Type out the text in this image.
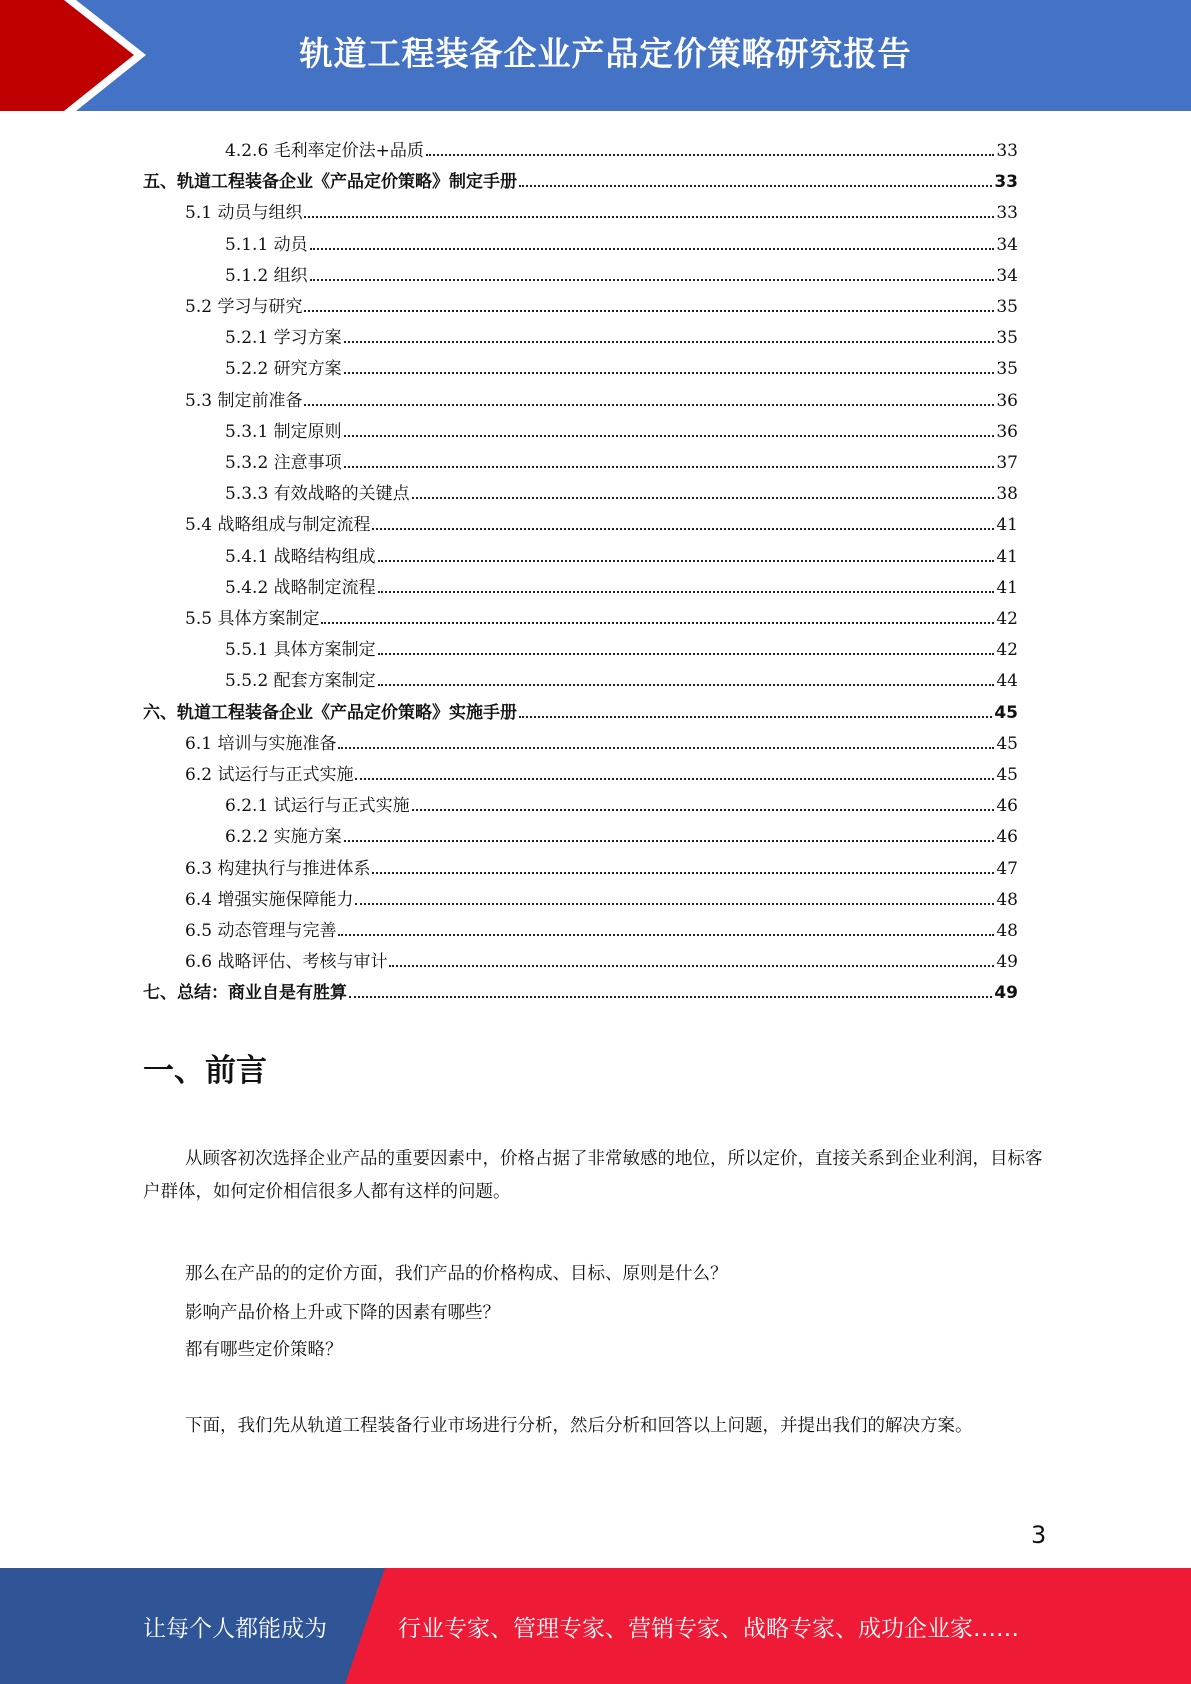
轨道工程装备企业产品定价策略研究报告
4.2.6 毛利率定价法+品质	33
五、轨道工程装备企业《产品定价策略》制定手册	33
5.1 动员与组织	33
5.1.1 动员	34
5.1.2 组织	34
5.2 学习与研究	35
5.2.1 学习方案	35
5.2.2 研究方案	35
5.3 制定前准备	36
5.3.1 制定原则	36
5.3.2 注意事项	37
5.3.3 有效战略的关键点	38
5.4 战略组成与制定流程	41
5.4.1 战略结构组成	41
5.4.2 战略制定流程	41
5.5 具体方案制定	42
5.5.1 具体方案制定	42
5.5.2 配套方案制定	44
六、轨道工程装备企业《产品定价策略》实施手册	45
6.1 培训与实施准备	45
6.2 试运行与正式实施	45
6.2.1 试运行与正式实施	46
6.2.2 实施方案	46
6.3 构建执行与推进体系	47
6.4 增强实施保障能力	48
6.5 动态管理与完善	48
6.6 战略评估、考核与审计	49
七、总结：商业自是有胜算	49
一、前言
从顾客初次选择企业产品的重要因素中，价格占据了非常敏感的地位，所以定价，直接关系到企业利润，目标客户群体，如何定价相信很多人都有这样的问题。
那么在产品的的定价方面，我们产品的价格构成、目标、原则是什么？
影响产品价格上升或下降的因素有哪些？
都有哪些定价策略？
下面，我们先从轨道工程装备行业市场进行分析，然后分析和回答以上问题，并提出我们的解决方案。
3
让每个人都能成为	行业专家、管理专家、营销专家、战略专家、成功企业家……
